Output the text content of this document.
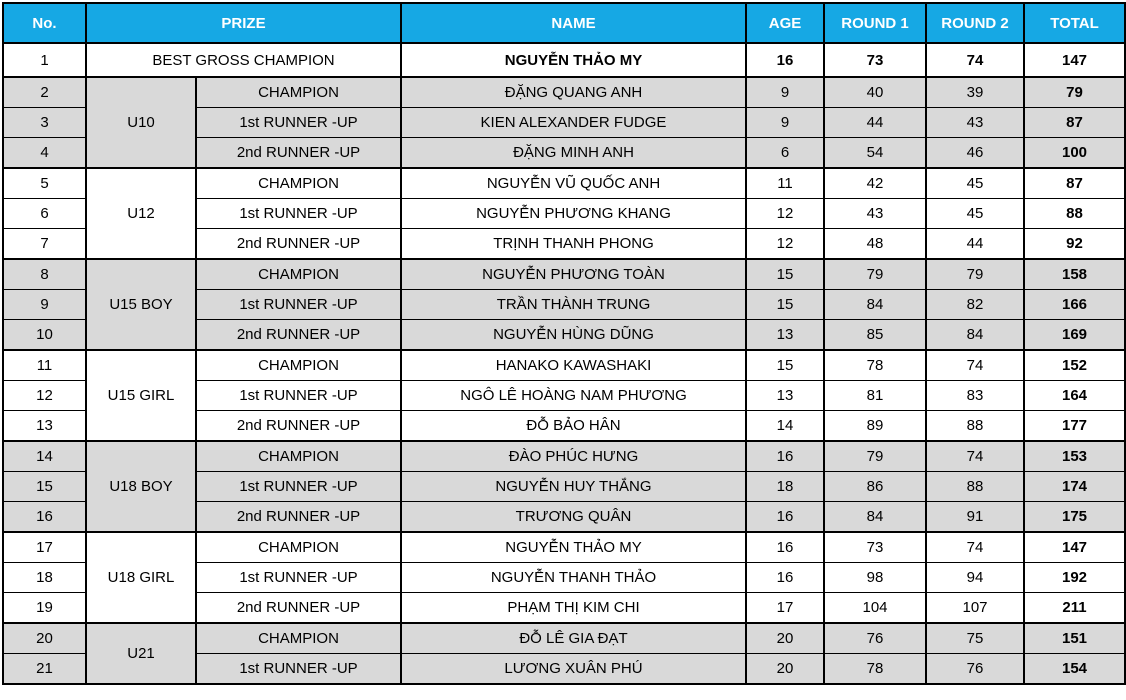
No.	PRIZE		NAME	AGE	ROUND 1	ROUND 2	TOTAL
1	BEST GROSS CHAMPION		NGUYỄN THẢO MY	16	73	74	147
2	U10	CHAMPION	ĐẶNG QUANG ANH	9	40	39	79
3		1st RUNNER -UP	KIEN ALEXANDER FUDGE	9	44	43	87
4		2nd RUNNER -UP	ĐẶNG MINH ANH	6	54	46	100
5	U12	CHAMPION	NGUYỄN VŨ QUỐC ANH	11	42	45	87
6		1st RUNNER -UP	NGUYỄN PHƯƠNG KHANG	12	43	45	88
7		2nd RUNNER -UP	TRỊNH THANH PHONG	12	48	44	92
8	U15 BOY	CHAMPION	NGUYỄN PHƯƠNG TOÀN	15	79	79	158
9		1st RUNNER -UP	TRẦN THÀNH TRUNG	15	84	82	166
10		2nd RUNNER -UP	NGUYỄN HÙNG DŨNG	13	85	84	169
11	U15 GIRL	CHAMPION	HANAKO KAWASHAKI	15	78	74	152
12		1st RUNNER -UP	NGÔ LÊ HOÀNG NAM PHƯƠNG	13	81	83	164
13		2nd RUNNER -UP	ĐỖ BẢO HÂN	14	89	88	177
14	U18 BOY	CHAMPION	ĐÀO PHÚC HƯNG	16	79	74	153
15		1st RUNNER -UP	NGUYỄN HUY THẮNG	18	86	88	174
16		2nd RUNNER -UP	TRƯƠNG QUÂN	16	84	91	175
17	U18 GIRL	CHAMPION	NGUYỄN THẢO MY	16	73	74	147
18		1st RUNNER -UP	NGUYỄN THANH THẢO	16	98	94	192
19		2nd RUNNER -UP	PHẠM THỊ KIM CHI	17	104	107	211
20	U21	CHAMPION	ĐỖ LÊ GIA ĐẠT	20	76	75	151
21		1st RUNNER -UP	LƯƠNG XUÂN PHÚ	20	78	76	154
